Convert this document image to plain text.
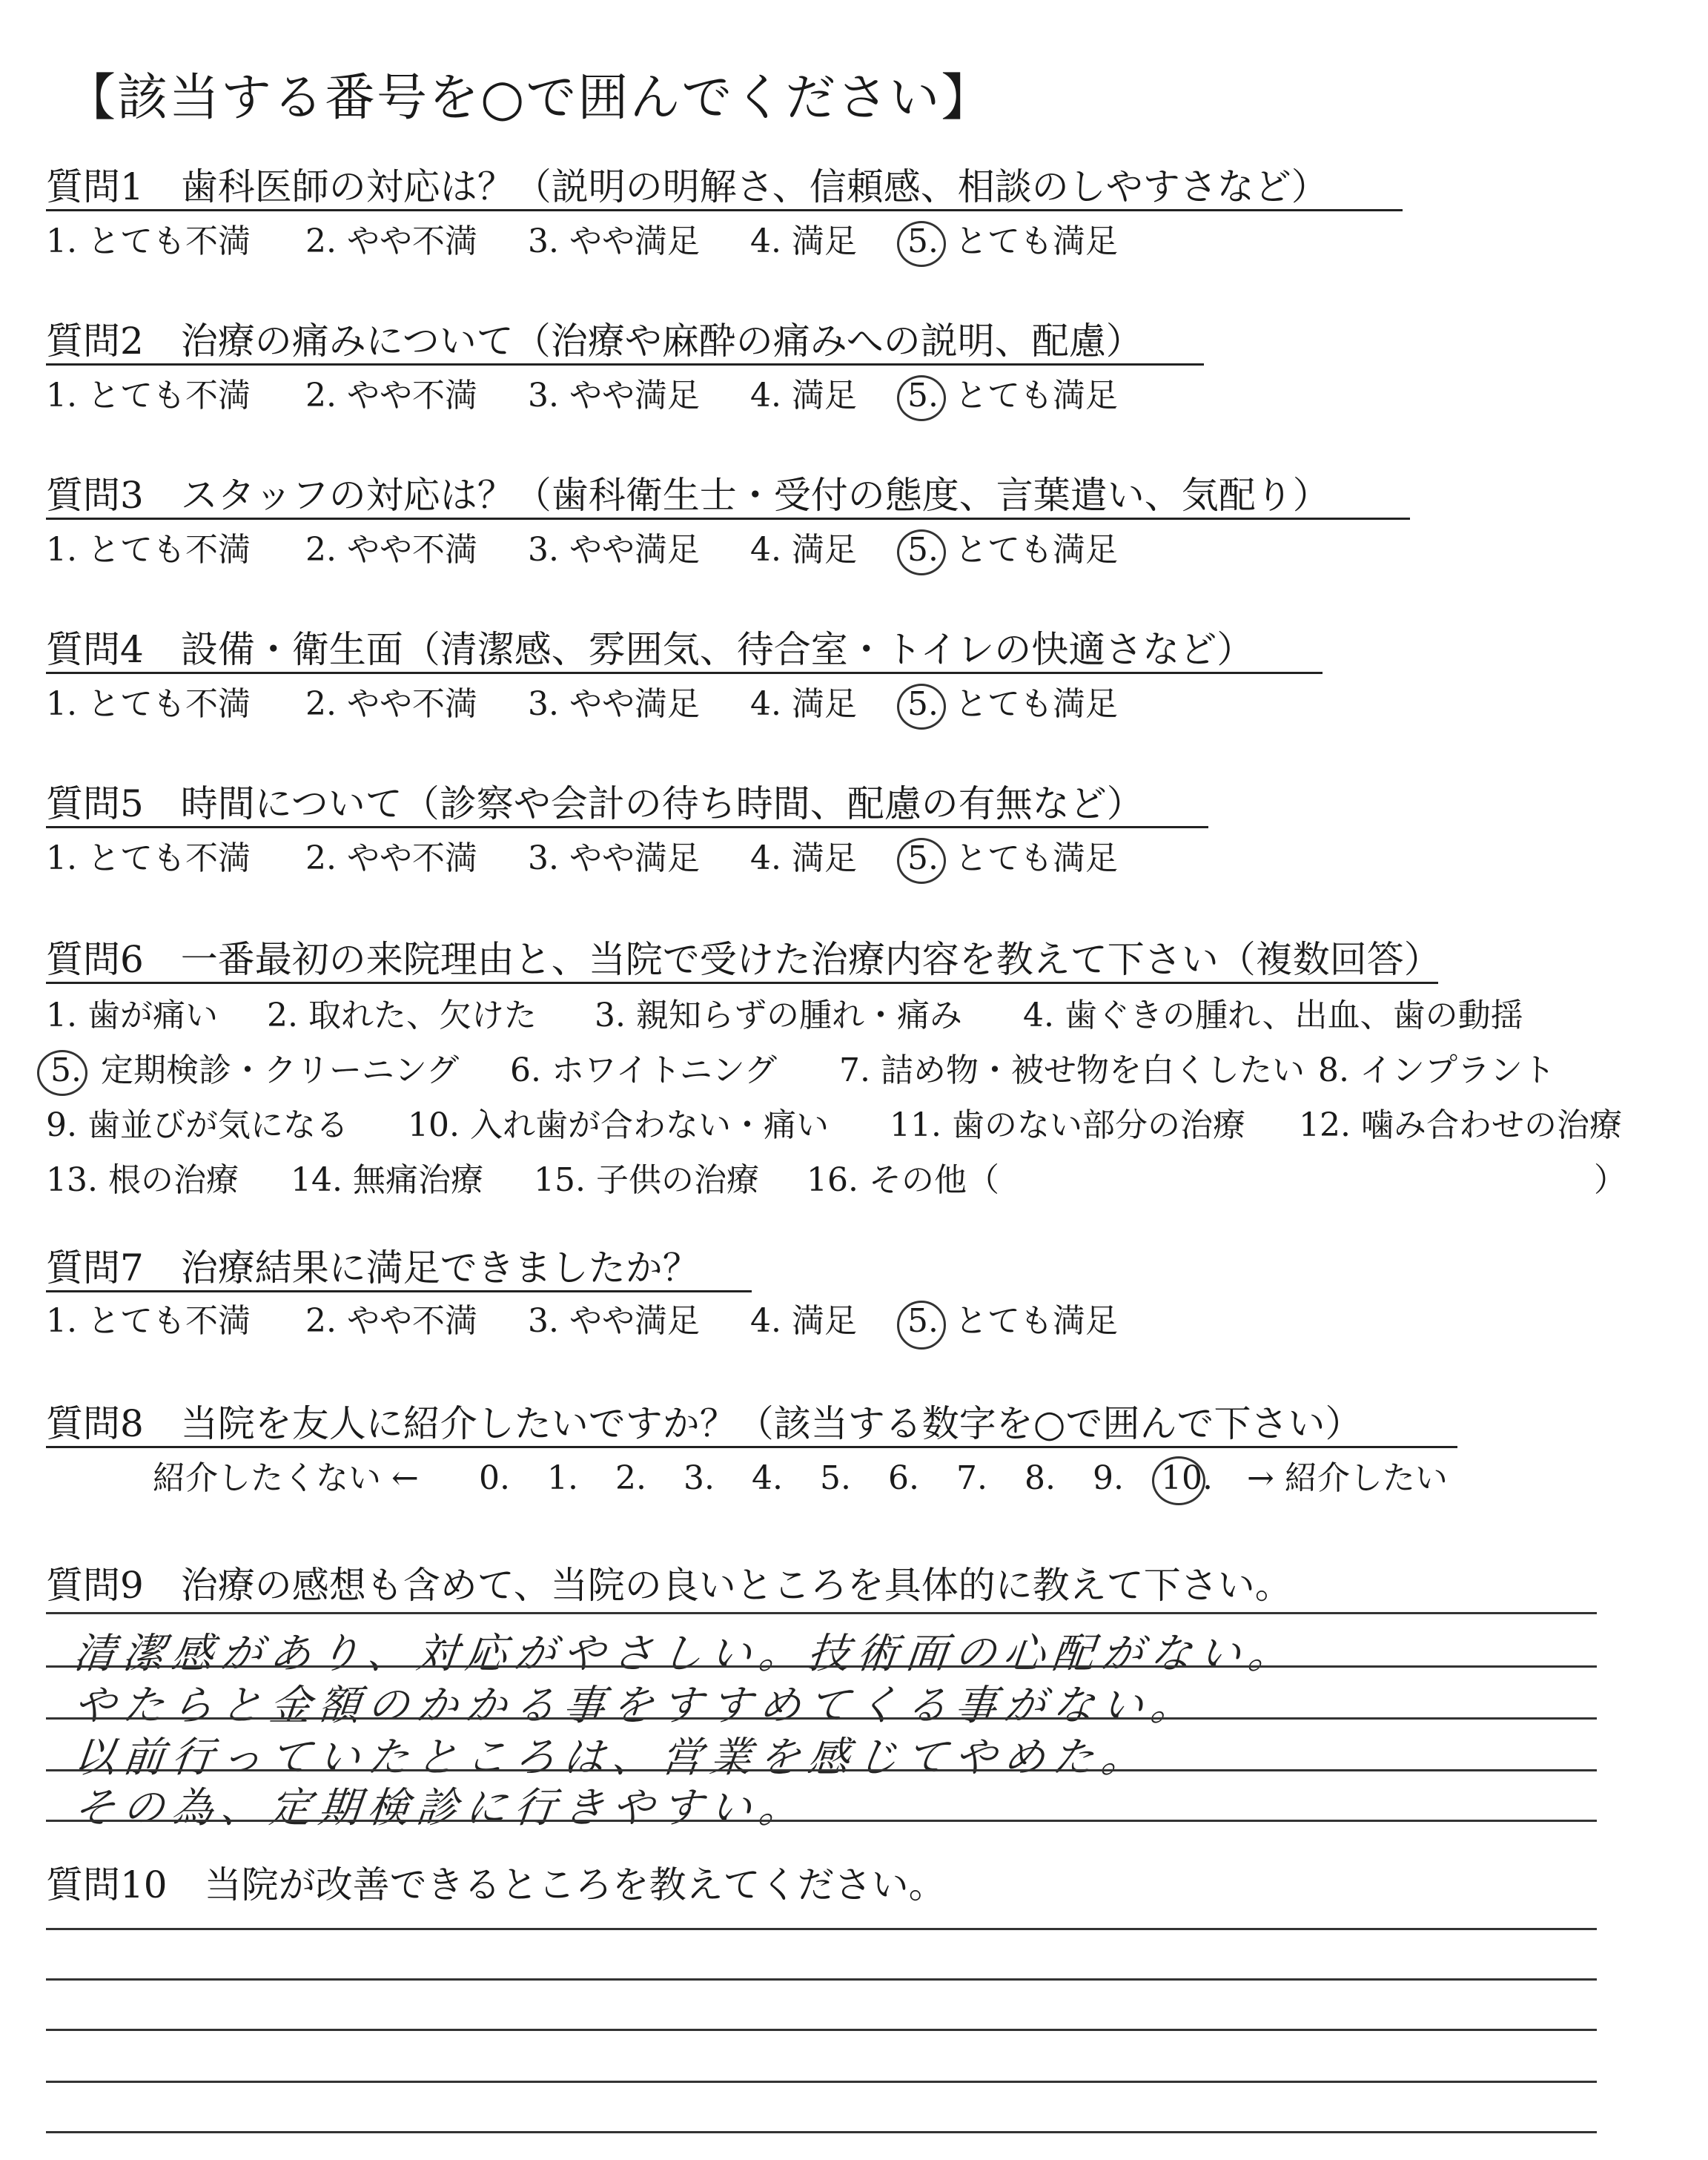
【該当する番号を○で囲んでください】
質問1　歯科医師の対応は？（説明の明解さ、信頼感、相談のしやすさなど）
1. とても不満 2. やや不満 3. やや満足 4. 満足 5. とても満足
質問2　治療の痛みについて（治療や麻酔の痛みへの説明、配慮）
1. とても不満 2. やや不満 3. やや満足 4. 満足 5. とても満足
質問3　スタッフの対応は？（歯科衛生士・受付の態度、言葉遣い、気配り）
1. とても不満 2. やや不満 3. やや満足 4. 満足 5. とても満足
質問4　設備・衛生面（清潔感、雰囲気、待合室・トイレの快適さなど）
1. とても不満 2. やや不満 3. やや満足 4. 満足 5. とても満足
質問5　時間について（診察や会計の待ち時間、配慮の有無など）
1. とても不満 2. やや不満 3. やや満足 4. 満足 5. とても満足
質問6　一番最初の来院理由と、当院で受けた治療内容を教えて下さい（複数回答）
1. 歯が痛い 2. 取れた、欠けた 3. 親知らずの腫れ・痛み 4. 歯ぐきの腫れ、出血、歯の動揺
5. 定期検診・クリーニング 6. ホワイトニング 7. 詰め物・被せ物を白くしたい 8. インプラント
9. 歯並びが気になる 10. 入れ歯が合わない・痛い 11. 歯のない部分の治療 12. 噛み合わせの治療
13. 根の治療 14. 無痛治療 15. 子供の治療 16. その他（	）
質問7　治療結果に満足できましたか？
1. とても不満 2. やや不満 3. やや満足 4. 満足 5. とても満足
質問8　当院を友人に紹介したいですか？（該当する数字を○で囲んで下さい）
紹介したくない ← 0. 1. 2. 3. 4. 5. 6. 7. 8. 9. 10. → 紹介したい
質問9　治療の感想も含めて、当院の良いところを具体的に教えて下さい。
清潔感があり、対応がやさしい。技術面の心配がない。
やたらと金額のかかる事をすすめてくる事がない。
以前行っていたところは、営業を感じてやめた。
その為、定期検診に行きやすい。
質問10　当院が改善できるところを教えてください。
